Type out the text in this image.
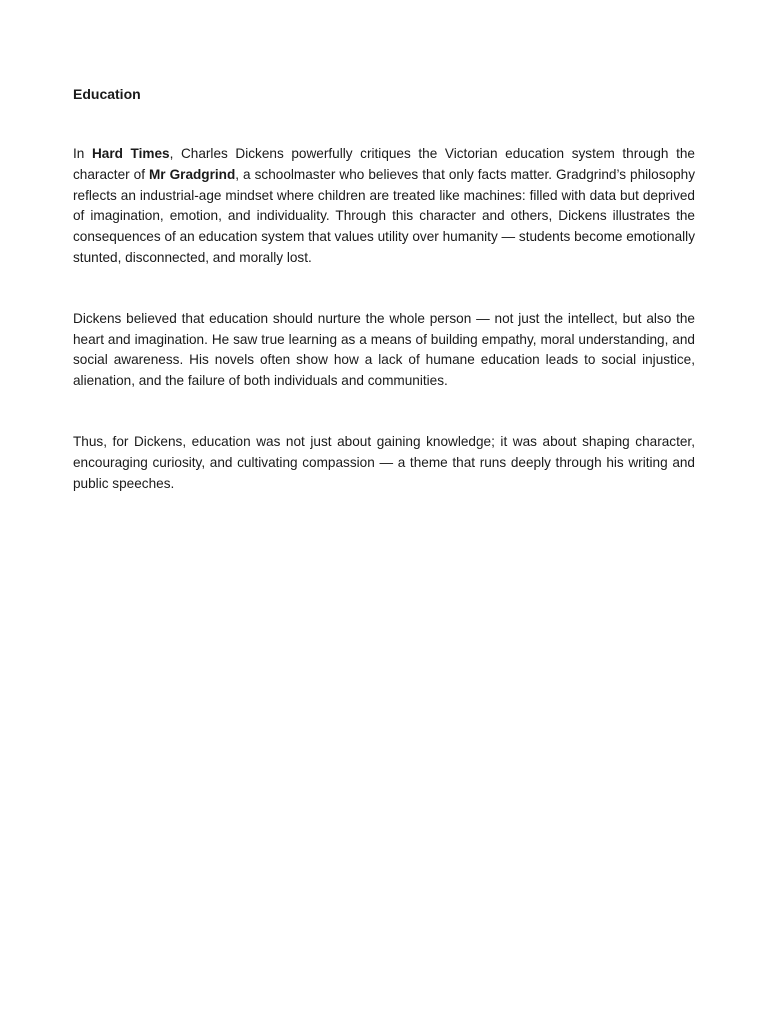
Education

In Hard Times, Charles Dickens powerfully critiques the Victorian education system through the character of Mr Gradgrind, a schoolmaster who believes that only facts matter. Gradgrind’s philosophy reflects an industrial-age mindset where children are treated like machines: filled with data but deprived of imagination, emotion, and individuality. Through this character and others, Dickens illustrates the consequences of an education system that values utility over humanity — students become emotionally stunted, disconnected, and morally lost.

Dickens believed that education should nurture the whole person — not just the intellect, but also the heart and imagination. He saw true learning as a means of building empathy, moral understanding, and social awareness. His novels often show how a lack of humane education leads to social injustice, alienation, and the failure of both individuals and communities.

Thus, for Dickens, education was not just about gaining knowledge; it was about shaping character, encouraging curiosity, and cultivating compassion — a theme that runs deeply through his writing and public speeches.
